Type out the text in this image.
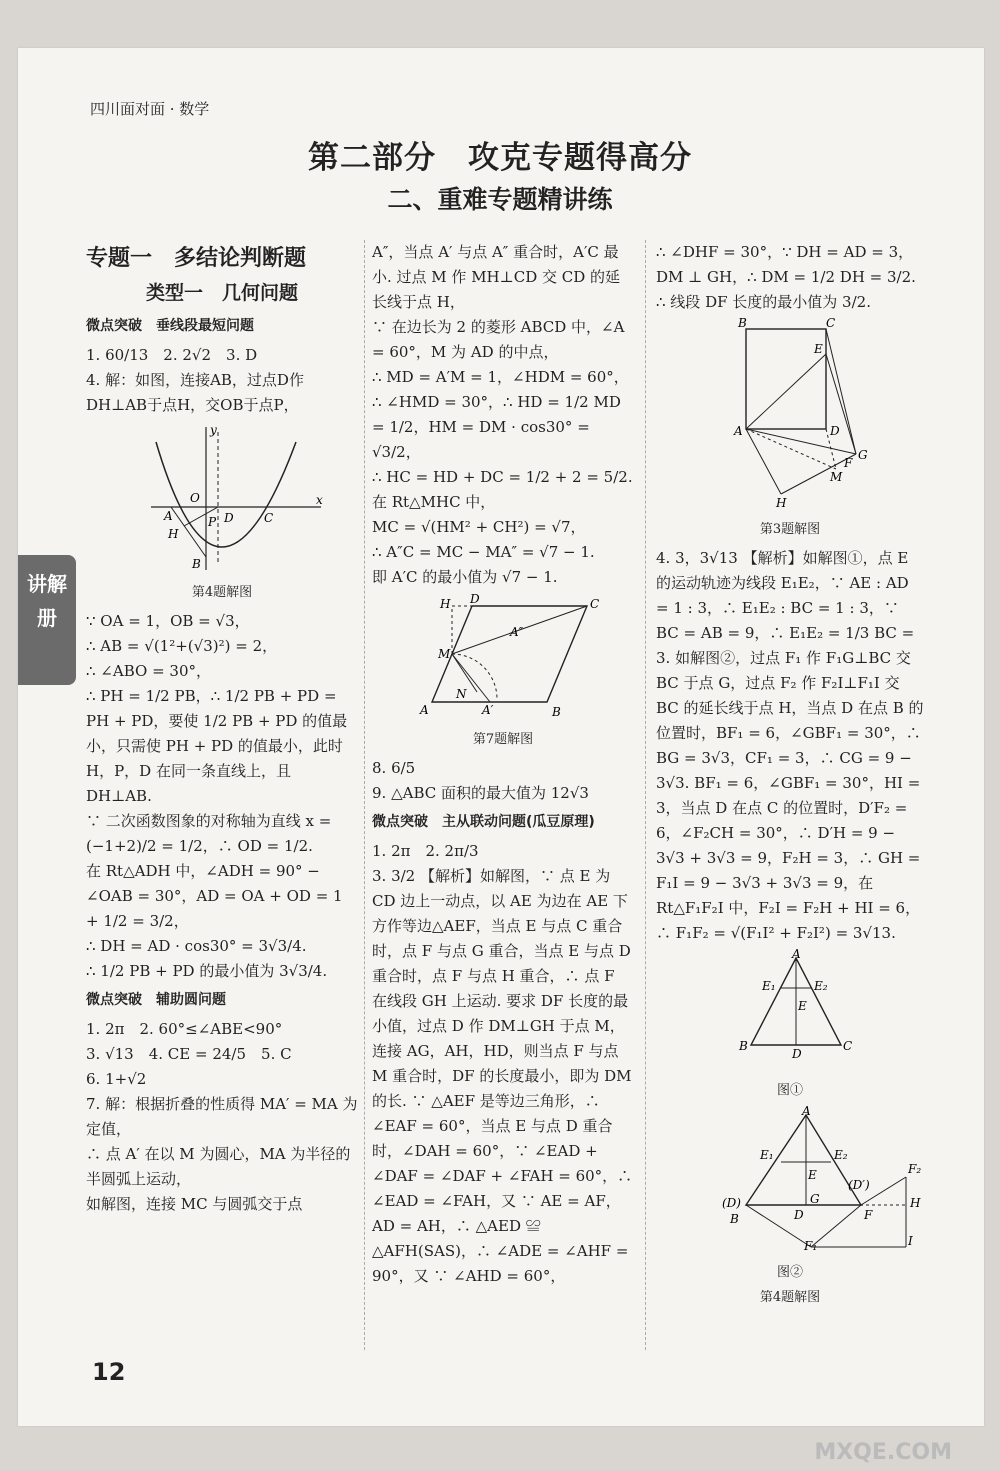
四川面对面 · 数学
第二部分　攻克专题得高分
二、重难专题精讲练
专题一　多结论判断题
类型一　几何问题
微点突破　垂线段最短问题

1. 60/13　2. 2√2　3. D

4. 解：如图，连接AB，过点D作DH⊥AB于点H，交OB于点P，

x
y
O
A	D
P
H
C
B
第4题解图

∵ OA = 1，OB = √3，

∴ AB = √(1²+(√3)²) = 2，

∴ ∠ABO = 30°，

∴ PH = 1/2 PB，∴ 1/2 PB + PD = PH + PD，要使 1/2 PB + PD 的值最小，只需使 PH + PD 的值最小，此时 H，P，D 在同一条直线上，且 DH⊥AB.

∵ 二次函数图象的对称轴为直线 x = (−1+2)/2 = 1/2，∴ OD = 1/2.

在 Rt△ADH 中，∠ADH = 90° − ∠OAB = 30°，AD = OA + OD = 1 + 1/2 = 3/2，

∴ DH = AD · cos30° = 3√3/4.

∴ 1/2 PB + PD 的最小值为 3√3/4.

微点突破　辅助圆问题

1. 2π　2. 60°≤∠ABE<90°

3. √13　4. CE = 24/5　5. C

6. 1+√2

7. 解：根据折叠的性质得 MA′ = MA 为定值，

∴ 点 A′ 在以 M 为圆心，MA 为半径的半圆弧上运动，

如解图，连接 MC 与圆弧交于点

A″，当点 A′ 与点 A″ 重合时，A′C 最小. 过点 M 作 MH⊥CD 交 CD 的延长线于点 H，

∵ 在边长为 2 的菱形 ABCD 中，∠A = 60°，M 为 AD 的中点，

∴ MD = A′M = 1，∠HDM = 60°，

∴ ∠HMD = 30°，∴ HD = 1/2 MD = 1/2，HM = DM · cos30° = √3/2，

∴ HC = HD + DC = 1/2 + 2 = 5/2.

在 Rt△MHC 中，

MC = √(HM² + CH²) = √7，

∴ A″C = MC − MA″ = √7 − 1.

即 A′C 的最小值为 √7 − 1.

A	B
C
D
H
M
N
A′
A″
第7题解图

8. 6/5

9. △ABC 面积的最大值为 12√3

微点突破　主从联动问题(瓜豆原理)

1. 2π　2. 2π/3

3. 3/2 【解析】如解图，∵ 点 E 为 CD 边上一动点，以 AE 为边在 AE 下方作等边△AEF，当点 E 与点 C 重合时，点 F 与点 G 重合，当点 E 与点 D 重合时，点 F 与点 H 重合，∴ 点 F 在线段 GH 上运动. 要求 DF 长度的最小值，过点 D 作 DM⊥GH 于点 M，连接 AG，AH，HD，则当点 F 与点 M 重合时，DF 的长度最小，即为 DM 的长. ∵ △AEF 是等边三角形，∴ ∠EAF = 60°，当点 E 与点 D 重合时，∠DAH = 60°，∵ ∠EAD + ∠DAF = ∠DAF + ∠FAH = 60°，∴ ∠EAD = ∠FAH，又 ∵ AE = AF，AD = AH，∴ △AED ≌ △AFH(SAS)，∴ ∠ADE = ∠AHF = 90°，又 ∵ ∠AHD = 60°，

∴ ∠DHF = 30°，∵ DH = AD = 3，DM ⊥ GH，∴ DM = 1/2 DH = 3/2. ∴ 线段 DF 长度的最小值为 3/2.

B	C
E
A	D
G
F
M
H
第3题解图

4. 3，3√13 【解析】如解图①，点 E 的运动轨迹为线段 E₁E₂，∵ AE : AD = 1 : 3，∴ E₁E₂ : BC = 1 : 3，∵ BC = AB = 9，∴ E₁E₂ = 1/3 BC = 3. 如解图②，过点 F₁ 作 F₁G⊥BC 交 BC 于点 G，过点 F₂ 作 F₂I⊥F₁I 交 BC 的延长线于点 H，当点 D 在点 B 的位置时，BF₁ = 6，∠GBF₁ = 30°，∴ BG = 3√3，CF₁ = 3，∴ CG = 9 − 3√3. BF₁ = 6，∠GBF₁ = 30°，HI = 3，当点 D 在点 C 的位置时，D′F₂ = 6，∠F₂CH = 30°，∴ D′H = 9 − 3√3 + 3√3 = 9，F₂H = 3，∴ GH = F₁I = 9 − 3√3 + 3√3 = 9，在 Rt△F₁F₂I 中，F₂I = F₂H + HI = 6，∴ F₁F₂ = √(F₁I² + F₂I²) = 3√13.

A
E₁	E₂
E
B	C
D
图①
A
E₁	E₂
E
(D)
B	D
G
(D′)
F
F₂
H
I
F₁
图②
第4题解图
讲解册
12
MXQE.COM
